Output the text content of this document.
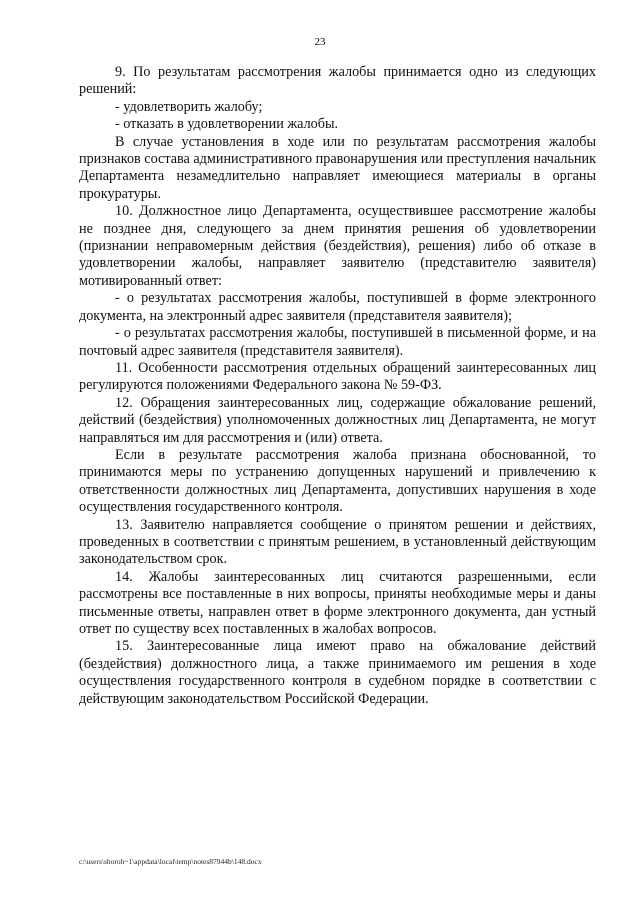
23

9. По результатам рассмотрения жалобы принимается одно из следующих решений:

- удовлетворить жалобу;

- отказать в удовлетворении жалобы.

В случае установления в ходе или по результатам рассмотрения жалобы признаков состава административного правонарушения или преступления начальник Департамента незамедлительно направляет имеющиеся материалы в органы прокуратуры.

10. Должностное лицо Департамента, осуществившее рассмотрение жалобы не позднее дня, следующего за днем принятия решения об удовлетворении (признании неправомерным действия (бездействия), решения) либо об отказе в удовлетворении жалобы, направляет заявителю (представителю заявителя) мотивированный ответ:

- о результатах рассмотрения жалобы, поступившей в форме электронного документа, на электронный адрес заявителя (представителя заявителя);

- о результатах рассмотрения жалобы, поступившей в письменной форме, и на почтовый адрес заявителя (представителя заявителя).

11. Особенности рассмотрения отдельных обращений заинтересованных лиц регулируются положениями Федерального закона № 59-ФЗ.

12. Обращения заинтересованных лиц, содержащие обжалование решений, действий (бездействия) уполномоченных должностных лиц Департамента, не могут направляться им для рассмотрения и (или) ответа.

Если в результате рассмотрения жалоба признана обоснованной, то принимаются меры по устранению допущенных нарушений и привлечению к ответственности должностных лиц Департамента, допустивших нарушения в ходе осуществления государственного контроля.

13. Заявителю направляется сообщение о принятом решении и действиях, проведенных в соответствии с принятым решением, в установленный действующим законодательством срок.

14. Жалобы заинтересованных лиц считаются разрешенными, если рассмотрены все поставленные в них вопросы, приняты необходимые меры и даны письменные ответы, направлен ответ в форме электронного документа, дан устный ответ по существу всех поставленных в жалобах вопросов.

15. Заинтересованные лица имеют право на обжалование действий (бездействия) должностного лица, а также принимаемого им решения в ходе осуществления государственного контроля в судебном порядке в соответствии с действующим законодательством Российской Федерации.

c:\users\shoroh~1\appdata\local\temp\notes87944b\148.docx
